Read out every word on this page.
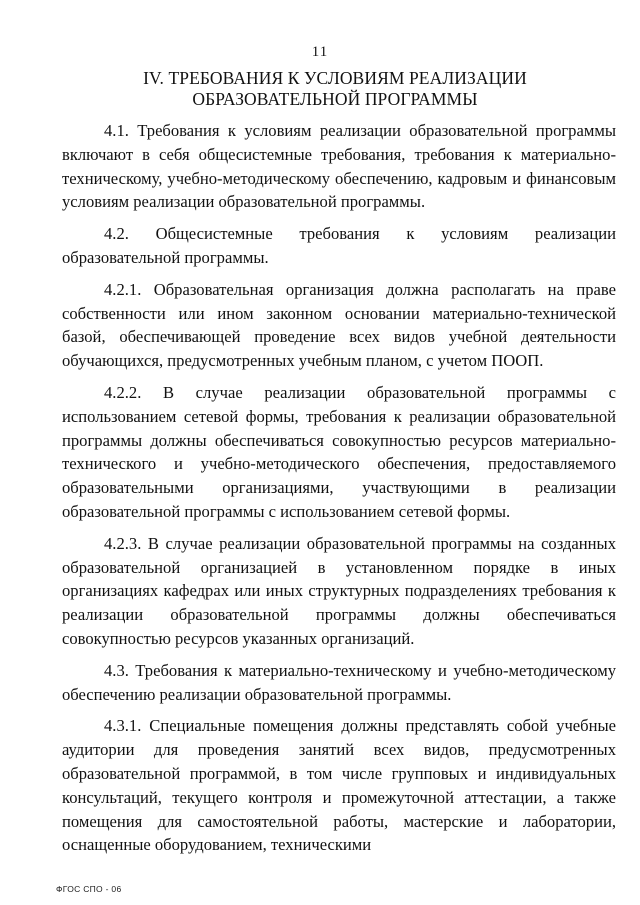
11
IV. ТРЕБОВАНИЯ К УСЛОВИЯМ РЕАЛИЗАЦИИ ОБРАЗОВАТЕЛЬНОЙ ПРОГРАММЫ

4.1. Требования к условиям реализации образовательной программы включают в себя общесистемные требования, требования к материально-техническому, учебно-методическому обеспечению, кадровым и финансовым условиям реализации образовательной программы.

4.2. Общесистемные требования к условиям реализации образовательной программы.

4.2.1. Образовательная организация должна располагать на праве собственности или ином законном основании материально-технической базой, обеспечивающей проведение всех видов учебной деятельности обучающихся, предусмотренных учебным планом, с учетом ПООП.

4.2.2. В случае реализации образовательной программы с использованием сетевой формы, требования к реализации образовательной программы должны обеспечиваться совокупностью ресурсов материально-технического и учебно-методического обеспечения, предоставляемого образовательными организациями, участвующими в реализации образовательной программы с использованием сетевой формы.

4.2.3. В случае реализации образовательной программы на созданных образовательной организацией в установленном порядке в иных организациях кафедрах или иных структурных подразделениях требования к реализации образовательной программы должны обеспечиваться совокупностью ресурсов указанных организаций.

4.3. Требования к материально-техническому и учебно-методическому обеспечению реализации образовательной программы.

4.3.1. Специальные помещения должны представлять собой учебные аудитории для проведения занятий всех видов, предусмотренных образовательной программой, в том числе групповых и индивидуальных консультаций, текущего контроля и промежуточной аттестации, а также помещения для самостоятельной работы, мастерские и лаборатории, оснащенные оборудованием, техническими

ФГОС СПО - 06
